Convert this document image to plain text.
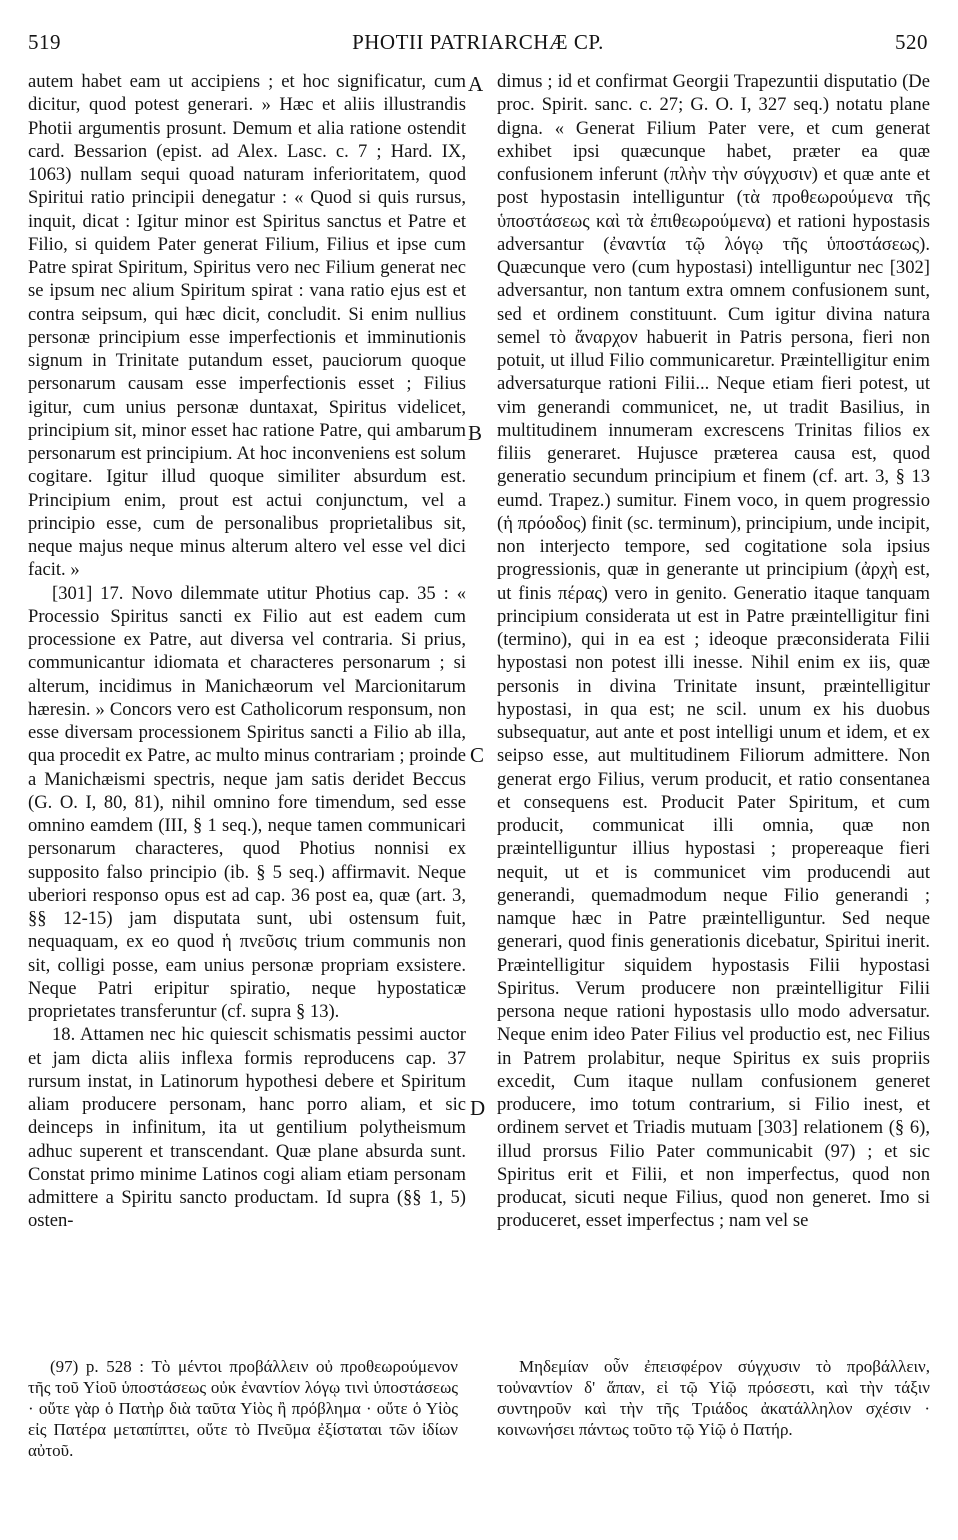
519	PHOTII PATRIARCHÆ CP.	520

autem habet eam ut accipiens ; et hoc significatur, cum dicitur, quod potest generari. » Hæc et aliis illustrandis Photii argumentis prosunt. Demum et alia ratione ostendit card. Bessarion (epist. ad Alex. Lasc. c. 7 ; Hard. IX, 1063) nullam sequi quoad naturam inferioritatem, quod Spiritui ratio principii denegatur : « Quod si quis rursus, inquit, dicat : Igitur minor est Spiritus sanctus et Patre et Filio, si quidem Pater generat Filium, Filius et ipse cum Patre spirat Spiritum, Spiritus vero nec Filium generat nec se ipsum nec alium Spiritum spirat : vana ratio ejus est et contra seipsum, qui hæc dicit, concludit. Si enim nullius personæ principium esse imperfectionis et imminutionis signum in Trinitate putandum esset, pauciorum quoque personarum causam esse imperfectionis esset ; Filius igitur, cum unius personæ duntaxat, Spiritus videlicet, principium sit, minor esset hac ratione Patre, qui ambarum personarum est principium. At hoc inconveniens est solum cogitare. Igitur illud quoque similiter absurdum est. Principium enim, prout est actui conjunctum, vel a principio esse, cum de personalibus proprietalibus sit, neque majus neque minus alterum altero vel esse vel dici facit. »

[301] 17. Novo dilemmate utitur Photius cap. 35 : « Processio Spiritus sancti ex Filio aut est eadem cum processione ex Patre, aut diversa vel contraria. Si prius, communicantur idiomata et characteres personarum ; si alterum, incidimus in Manichæorum vel Marcionitarum hæresin. » Concors vero est Catholicorum responsum, non esse diversam processionem Spiritus sancti a Filio ab illa, qua procedit ex Patre, ac multo minus contrariam ; proinde a Manichæismi spectris, neque jam satis deridet Beccus (G. O. I, 80, 81), nihil omnino fore timendum, sed esse omnino eamdem (III, § 1 seq.), neque tamen communicari personarum characteres, quod Photius nonnisi ex supposito falso principio (ib. § 5 seq.) affirmavit. Neque uberiori responso opus est ad cap. 36 post ea, quæ (art. 3, §§ 12-15) jam disputata sunt, ubi ostensum fuit, nequaquam, ex eo quod ἡ πνεῦσις trium communis non sit, colligi posse, eam unius personæ propriam exsistere. Neque Patri eripitur spiratio, neque hypostaticæ proprietates transferuntur (cf. supra § 13).

18. Attamen nec hic quiescit schismatis pessimi auctor et jam dicta aliis inflexa formis reproducens cap. 37 rursum instat, in Latinorum hypothesi debere et Spiritum aliam producere personam, hanc porro aliam, et sic deinceps in infinitum, ita ut gentilium polytheismum adhuc superent et transcendant. Quæ plane absurda sunt. Constat primo minime Latinos cogi aliam etiam personam admittere a Spiritu sancto productam. Id supra (§§ 1, 5) osten-

A
B
C
D

dimus ; id et confirmat Georgii Trapezuntii disputatio (De proc. Spirit. sanc. c. 27; G. O. I, 327 seq.) notatu plane digna. « Generat Filium Pater vere, et cum generat exhibet ipsi quæcunque habet, præter ea quæ confusionem inferunt (πλὴν τὴν σύγχυσιν) et quæ ante et post hypostasin intelliguntur (τὰ προθεωρούμενα τῆς ὑποστάσεως καὶ τὰ ἐπιθεωρούμενα) et rationi hypostasis adversantur (ἐναντία τῷ λόγῳ τῆς ὑποστάσεως). Quæcunque vero (cum hypostasi) intelliguntur nec [302] adversantur, non tantum extra omnem confusionem sunt, sed et ordinem constituunt. Cum igitur divina natura semel τὸ ἄναρχον habuerit in Patris persona, fieri non potuit, ut illud Filio communicaretur. Præintelligitur enim adversaturque rationi Filii... Neque etiam fieri potest, ut vim generandi communicet, ne, ut tradit Basilius, in multitudinem innumeram excrescens Trinitas filios ex filiis generaret. Hujusce præterea causa est, quod generatio secundum principium et finem (cf. art. 3, § 13 eumd. Trapez.) sumitur. Finem voco, in quem progressio (ἡ πρόοδος) finit (sc. terminum), principium, unde incipit, non interjecto tempore, sed cogitatione sola ipsius progressionis, quæ in generante ut principium (ἀρχὴ est, ut finis πέρας) vero in genito. Generatio itaque tanquam principium considerata ut est in Patre præintelligitur fini (termino), qui in ea est ; ideoque præconsiderata Filii hypostasi non potest illi inesse. Nihil enim ex iis, quæ personis in divina Trinitate insunt, præintelligitur hypostasi, in qua est; ne scil. unum ex his duobus subsequatur, aut ante et post intelligi unum et idem, et ex seipso esse, aut multitudinem Filiorum admittere. Non generat ergo Filius, verum producit, et ratio consentanea et consequens est. Producit Pater Spiritum, et cum producit, communicat illi omnia, quæ non præintelliguntur illius hypostasi ; propereaque fieri nequit, ut et is communicet vim producendi aut generandi, quemadmodum neque Filio generandi ; namque hæc in Patre præintelliguntur. Sed neque generari, quod finis generationis dicebatur, Spiritui inerit. Præintelligitur siquidem hypostasis Filii hypostasi Spiritus. Verum producere non præintelligitur Filii persona neque rationi hypostasis ullo modo adversatur. Neque enim ideo Pater Filius vel productio est, nec Filius in Patrem prolabitur, neque Spiritus ex suis propriis excedit, Cum itaque nullam confusionem generet producere, imo totum contrarium, si Filio inest, et ordinem servet et Triadis mutuam [303] relationem (§ 6), illud prorsus Filio Pater communicabit (97) ; et sic Spiritus erit et Filii, et non imperfectus, quod non producat, sicuti neque Filius, quod non generet. Imo si produceret, esset imperfectus ; nam vel se

(97) p. 528 : Τὸ μέντοι προβάλλειν οὐ προθεωρούμενον τῆς τοῦ Υἱοῦ ὑποστάσεως οὐκ ἐναντίον λόγῳ τινὶ ὑποστάσεως · οὔτε γὰρ ὁ Πατὴρ διὰ ταῦτα Υἱὸς ἢ πρόβλημα · οὔτε ὁ Υἱὸς εἰς Πατέρα μεταπίπτει, οὔτε τὸ Πνεῦμα ἐξίσταται τῶν ἰδίων αὐτοῦ.

Μηδεμίαν οὖν ἐπεισφέρον σύγχυσιν τὸ προβάλλειν, τοὐναντίον δ' ἅπαν, εἰ τῷ Υἱῷ πρόσεστι, καὶ τὴν τάξιν συντηροῦν καὶ τὴν τῆς Τριάδος ἀκατάλληλον σχέσιν · κοινωνήσει πάντως τοῦτο τῷ Υἱῷ ὁ Πατήρ.
